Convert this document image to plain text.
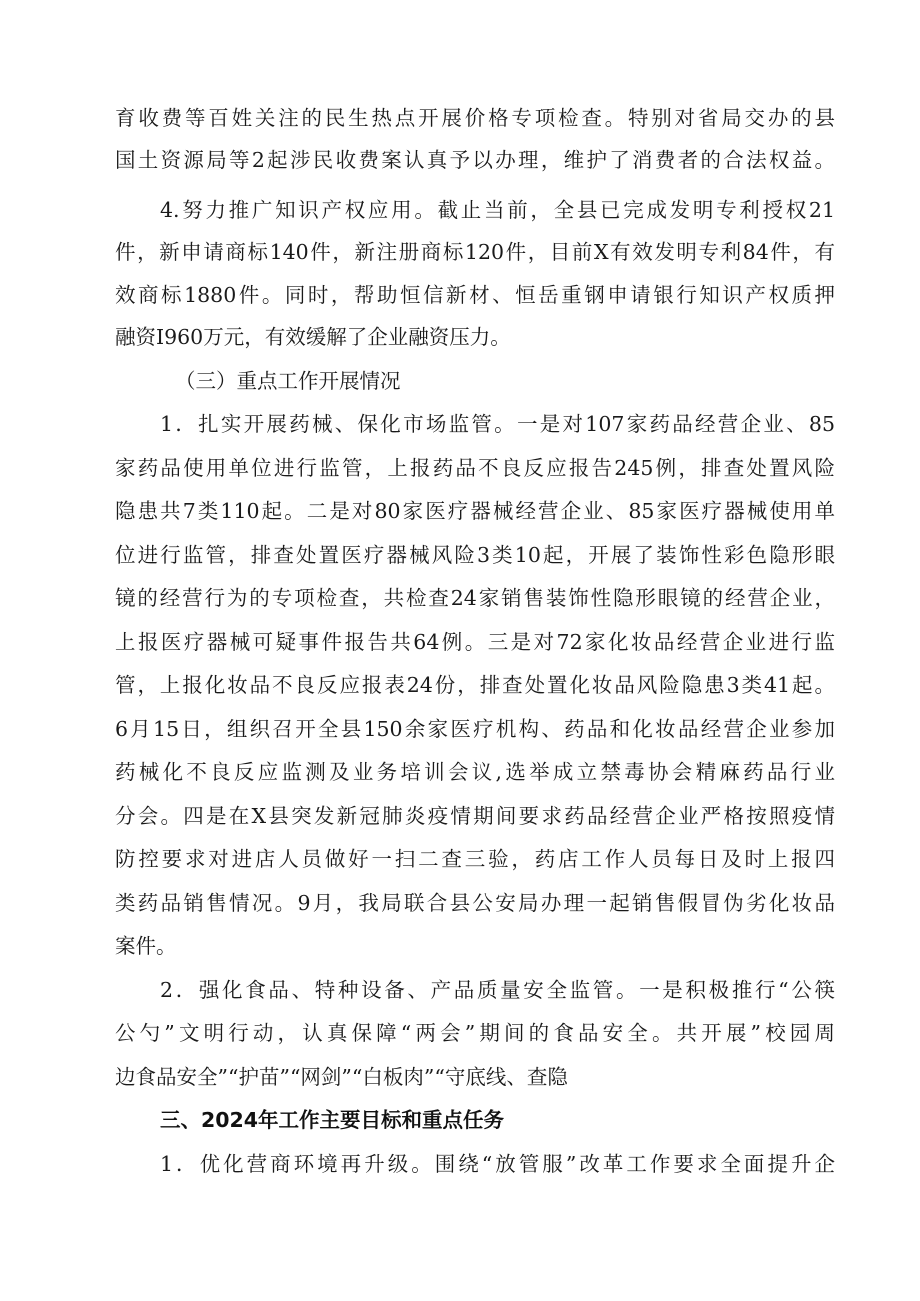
育收费等百姓关注的民生热点开展价格专项检查。特别对省局交办的县
国土资源局等2起涉民收费案认真予以办理，维护了消费者的合法权益。
4.努力推广知识产权应用。截止当前，全县已完成发明专利授权21
件，新申请商标140件，新注册商标120件，目前X有效发明专利84件，有
效商标1880件。同时，帮助恒信新材、恒岳重钢申请银行知识产权质押
融资I960万元，有效缓解了企业融资压力。
（三）重点工作开展情况
1．扎实开展药械、保化市场监管。一是对107家药品经营企业、85
家药品使用单位进行监管，上报药品不良反应报告245例，排查处置风险
隐患共7类110起。二是对80家医疗器械经营企业、85家医疗器械使用单
位进行监管，排查处置医疗器械风险3类10起，开展了装饰性彩色隐形眼
镜的经营行为的专项检查，共检查24家销售装饰性隐形眼镜的经营企业，
上报医疗器械可疑事件报告共64例。三是对72家化妆品经营企业进行监
管，上报化妆品不良反应报表24份，排查处置化妆品风险隐患3类41起。
6月15日，组织召开全县150余家医疗机构、药品和化妆品经营企业参加
药械化不良反应监测及业务培训会议,选举成立禁毒协会精麻药品行业
分会。四是在X县突发新冠肺炎疫情期间要求药品经营企业严格按照疫情
防控要求对进店人员做好一扫二查三验，药店工作人员每日及时上报四
类药品销售情况。9月，我局联合县公安局办理一起销售假冒伪劣化妆品
案件。
2．强化食品、特种设备、产品质量安全监管。一是积极推行“公筷
公勺”文明行动，认真保障“两会”期间的食品安全。共开展”校园周
边食品安全”“护苗”“网剑”“白板肉”“守底线、查隐
三、2024年工作主要目标和重点任务
1．优化营商环境再升级。围绕“放管服”改革工作要求全面提升企
